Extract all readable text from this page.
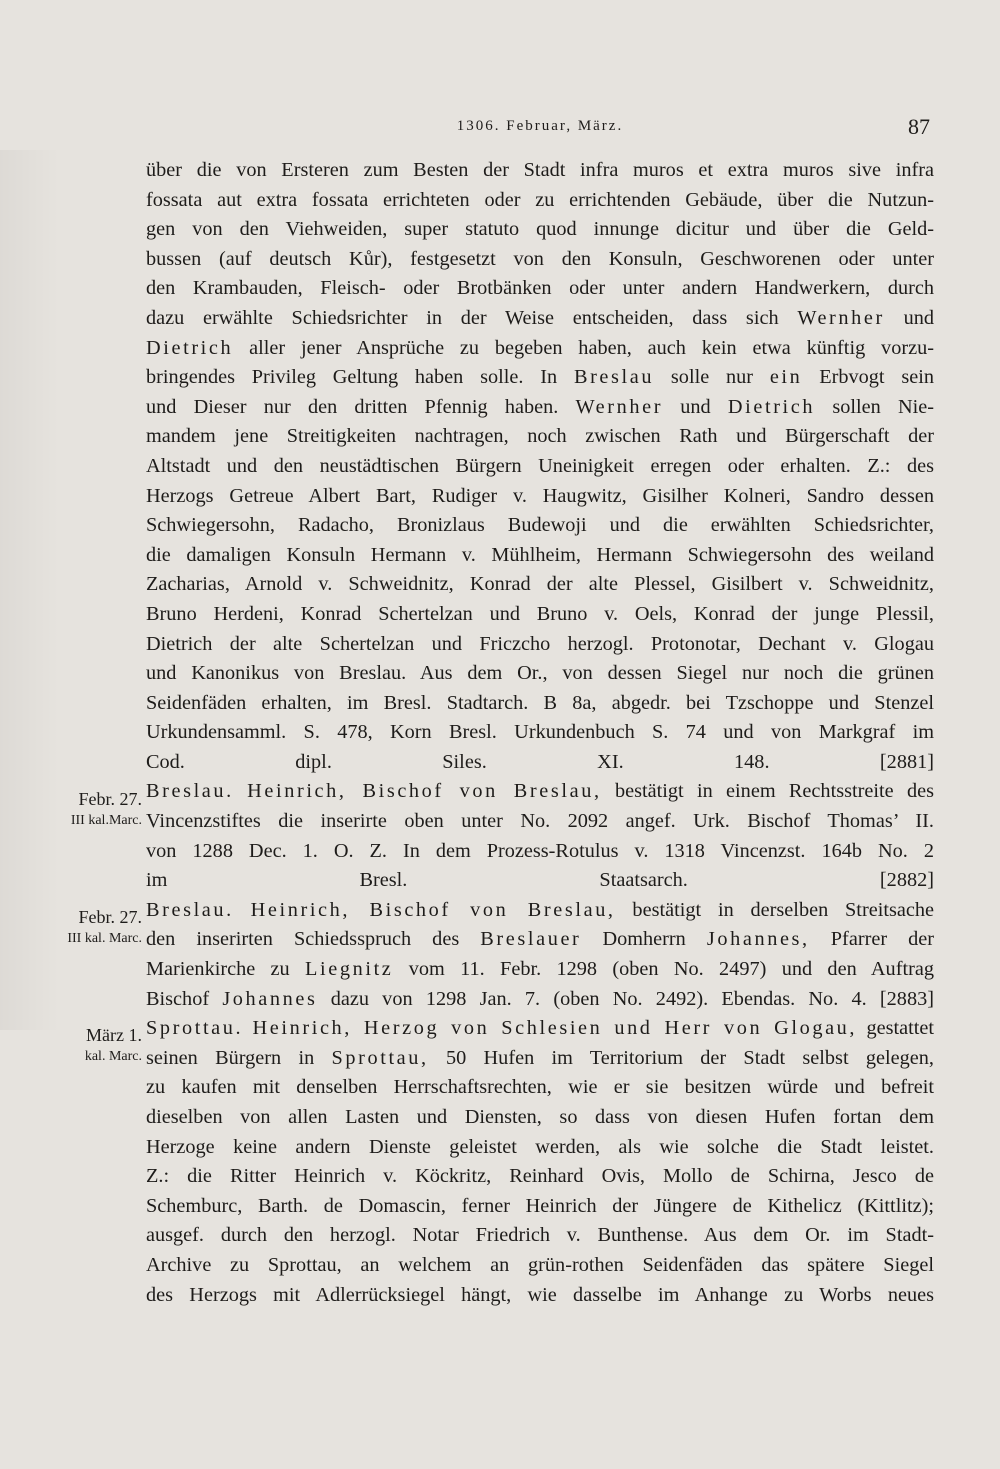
1306. Februar, März.	87
Febr. 27.
III kal.Marc.
Febr. 27.
III kal. Marc.
März 1.
kal. Marc.
über die von Ersteren zum Besten der Stadt infra muros et extra muros sive infra
fossata aut extra fossata errichteten oder zu errichtenden Gebäude, über die Nutzun-
gen von den Viehweiden, super statuto quod innunge dicitur und über die Geld-
bussen (auf deutsch Kůr), festgesetzt von den Konsuln, Geschworenen oder unter
den Krambauden, Fleisch- oder Brotbänken oder unter andern Handwerkern, durch
dazu erwählte Schiedsrichter in der Weise entscheiden, dass sich Wernher und
Dietrich aller jener Ansprüche zu begeben haben, auch kein etwa künftig vorzu-
bringendes Privileg Geltung haben solle. In Breslau solle nur ein Erbvogt sein
und Dieser nur den dritten Pfennig haben. Wernher und Dietrich sollen Nie-
mandem jene Streitigkeiten nachtragen, noch zwischen Rath und Bürgerschaft der
Altstadt und den neustädtischen Bürgern Uneinigkeit erregen oder erhalten. Z.: des
Herzogs Getreue Albert Bart, Rudiger v. Haugwitz, Gisilher Kolneri, Sandro dessen
Schwiegersohn, Radacho, Bronizlaus Budewoji und die erwählten Schiedsrichter,
die damaligen Konsuln Hermann v. Mühlheim, Hermann Schwiegersohn des weiland
Zacharias, Arnold v. Schweidnitz, Konrad der alte Plessel, Gisilbert v. Schweidnitz,
Bruno Herdeni, Konrad Schertelzan und Bruno v. Oels, Konrad der junge Plessil,
Dietrich der alte Schertelzan und Friczcho herzogl. Protonotar, Dechant v. Glogau
und Kanonikus von Breslau. Aus dem Or., von dessen Siegel nur noch die grünen
Seidenfäden erhalten, im Bresl. Stadtarch. B 8a, abgedr. bei Tzschoppe und Stenzel
Urkundensamml. S. 478, Korn Bresl. Urkundenbuch S. 74 und von Markgraf im
Cod. dipl. Siles. XI. 148.	[2881]
Breslau. Heinrich, Bischof von Breslau, bestätigt in einem Rechtsstreite des
Vincenzstiftes die inserirte oben unter No. 2092 angef. Urk. Bischof Thomas’ II.
von 1288 Dec. 1. O. Z. In dem Prozess-Rotulus v. 1318 Vincenzst. 164b No. 2
im Bresl. Staatsarch.	[2882]
Breslau. Heinrich, Bischof von Breslau, bestätigt in derselben Streitsache
den inserirten Schiedsspruch des Breslauer Domherrn Johannes, Pfarrer der
Marienkirche zu Liegnitz vom 11. Febr. 1298 (oben No. 2497) und den Auftrag
Bischof Johannes dazu von 1298 Jan. 7. (oben No. 2492). Ebendas. No. 4. [2883]
Sprottau. Heinrich, Herzog von Schlesien und Herr von Glogau, gestattet
seinen Bürgern in Sprottau, 50 Hufen im Territorium der Stadt selbst gelegen,
zu kaufen mit denselben Herrschaftsrechten, wie er sie besitzen würde und befreit
dieselben von allen Lasten und Diensten, so dass von diesen Hufen fortan dem
Herzoge keine andern Dienste geleistet werden, als wie solche die Stadt leistet.
Z.: die Ritter Heinrich v. Köckritz, Reinhard Ovis, Mollo de Schirna, Jesco de
Schemburc, Barth. de Domascin, ferner Heinrich der Jüngere de Kithelicz (Kittlitz);
ausgef. durch den herzogl. Notar Friedrich v. Bunthense. Aus dem Or. im Stadt-
Archive zu Sprottau, an welchem an grün-rothen Seidenfäden das spätere Siegel
des Herzogs mit Adlerrücksiegel hängt, wie dasselbe im Anhange zu Worbs neues
